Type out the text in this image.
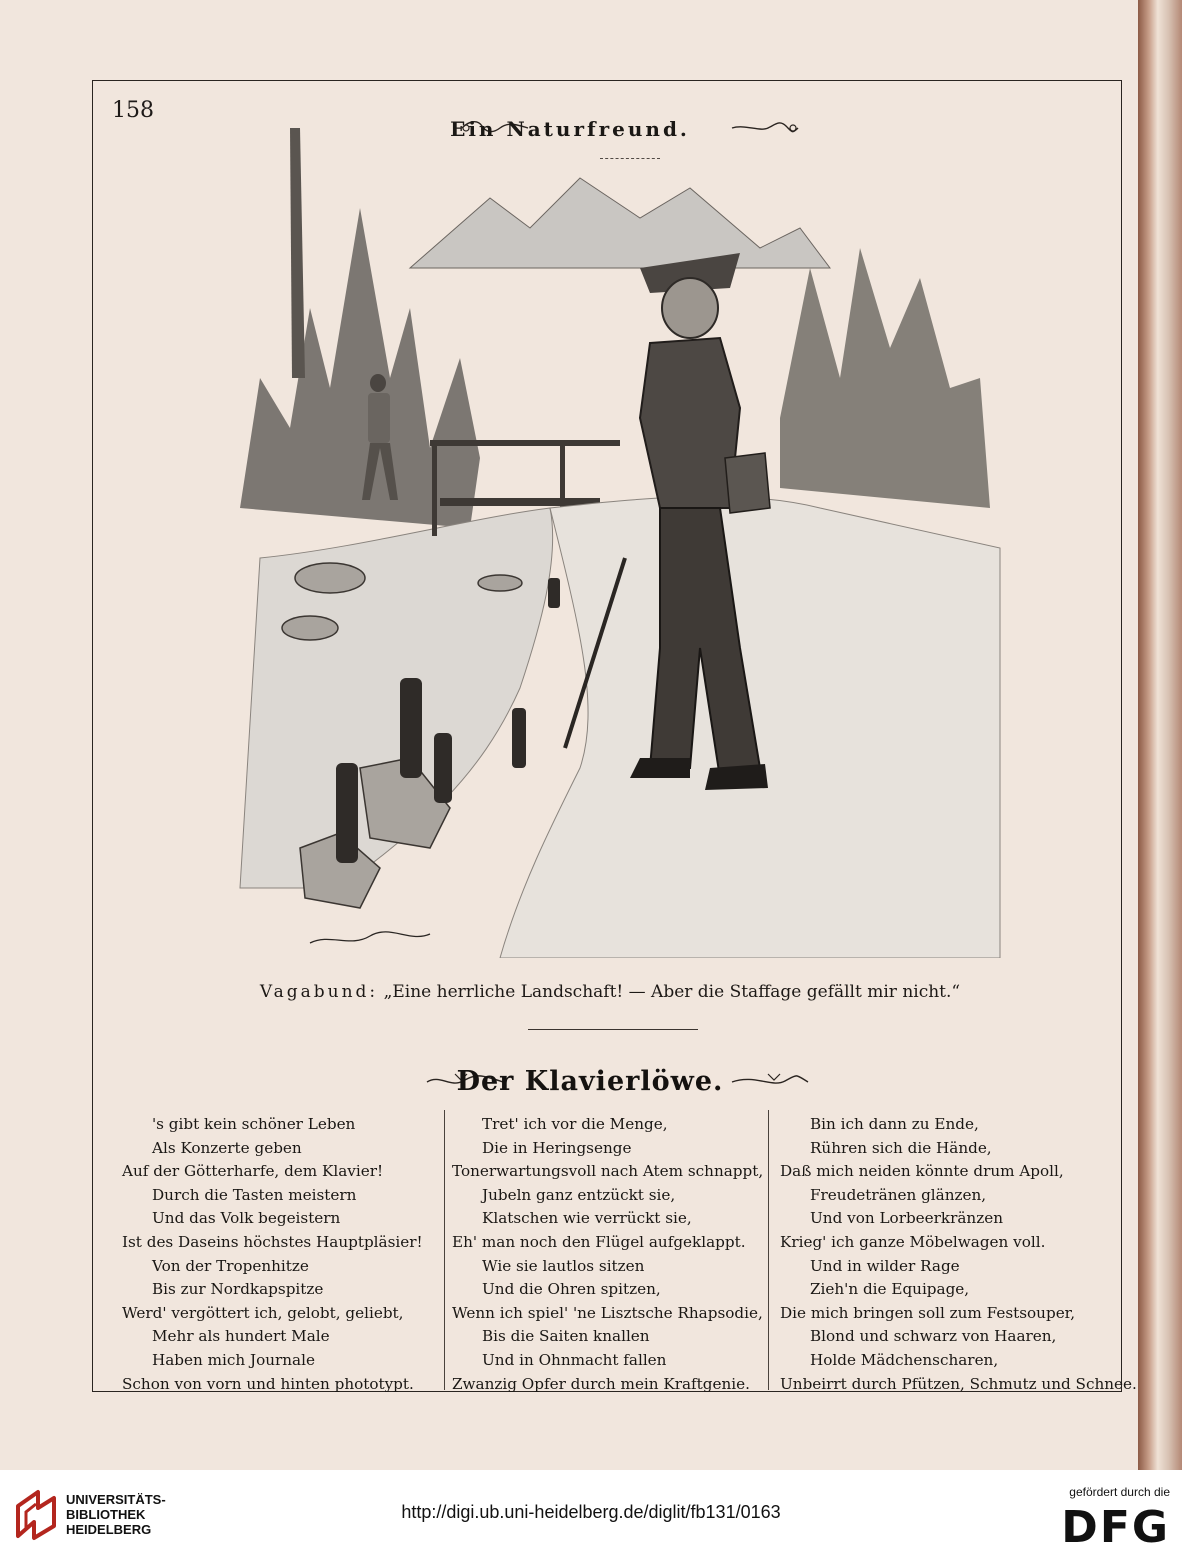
158
Ein Naturfreund.
Vagabund: „Eine herrliche Landschaft! — Aber die Staffage gefällt mir nicht.“
Der Klavierlöwe.
's gibt kein schöner Leben
Als Konzerte geben
Auf der Götterharfe, dem Klavier!
Durch die Tasten meistern
Und das Volk begeistern
Ist des Daseins höchstes Hauptpläsier!
Von der Tropenhitze
Bis zur Nordkapspitze
Werd' vergöttert ich, gelobt, geliebt,
Mehr als hundert Male
Haben mich Journale
Schon von vorn und hinten phototypt.
Tret' ich vor die Menge,
Die in Heringsenge
Tonerwartungsvoll nach Atem schnappt,
Jubeln ganz entzückt sie,
Klatschen wie verrückt sie,
Eh' man noch den Flügel aufgeklappt.
Wie sie lautlos sitzen
Und die Ohren spitzen,
Wenn ich spiel' 'ne Lisztsche Rhapsodie,
Bis die Saiten knallen
Und in Ohnmacht fallen
Zwanzig Opfer durch mein Kraftgenie.
Bin ich dann zu Ende,
Rühren sich die Hände,
Daß mich neiden könnte drum Apoll,
Freudetränen glänzen,
Und von Lorbeerkränzen
Krieg' ich ganze Möbelwagen voll.
Und in wilder Rage
Zieh'n die Equipage,
Die mich bringen soll zum Festsouper,
Blond und schwarz von Haaren,
Holde Mädchenscharen,
Unbeirrt durch Pfützen, Schmutz und Schnee.
UNIVERSITÄTS-
BIBLIOTHEK
HEIDELBERG
http://digi.ub.uni-heidelberg.de/diglit/fb131/0163
gefördert durch die
DFG
